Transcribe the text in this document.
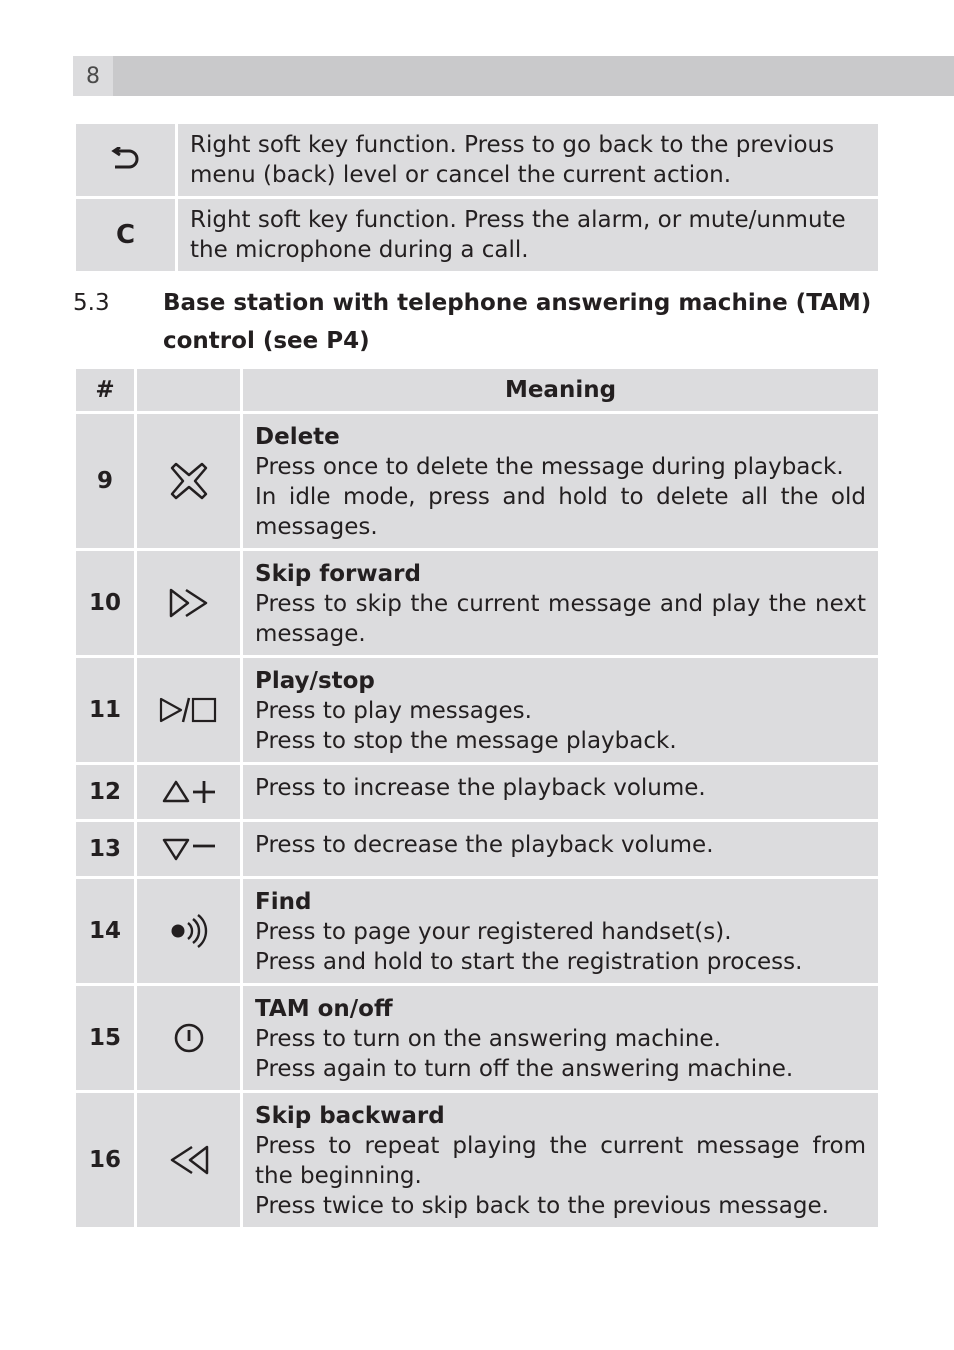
8
	Right soft key function. Press to go back to the previous menu (back) level or cancel the current action.
C	Right soft key function. Press the alarm, or mute/unmute the microphone during a call.
5.3 Base station with telephone answering machine (TAM) control (see P4)
#		Meaning
9		Delete
Press once to delete the message during playback.
In idle mode, press and hold to delete all the old messages.

10		Skip forward
Press to skip the current message and play the next message.

11		Play/stop
Press to play messages.
Press to stop the message playback.

12		Press to increase the playback volume.

13		Press to decrease the playback volume.

14		Find
Press to page your registered handset(s).
Press and hold to start the registration process.

15		TAM on/off
Press to turn on the answering machine.
Press again to turn off the answering machine.

16		Skip backward
Press to repeat playing the current message from the beginning.
Press twice to skip back to the previous message.
